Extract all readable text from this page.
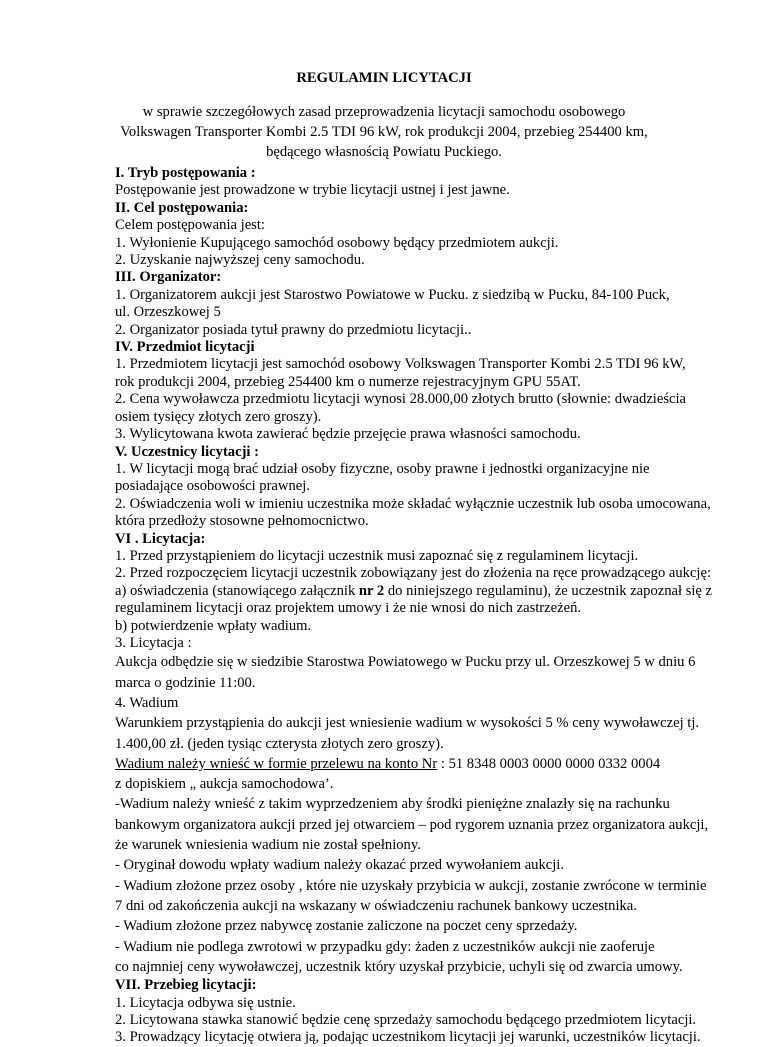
REGULAMIN LICYTACJI
w sprawie szczegółowych zasad przeprowadzenia licytacji samochodu osobowego
Volkswagen Transporter Kombi 2.5 TDI 96 kW, rok produkcji 2004, przebieg 254400 km,
będącego własnością Powiatu Puckiego.
I. Tryb postępowania :
Postępowanie jest prowadzone w trybie licytacji ustnej i jest jawne.
II. Cel postępowania:
Celem postępowania jest:
1. Wyłonienie Kupującego samochód osobowy będący przedmiotem aukcji.
2. Uzyskanie najwyższej ceny samochodu.
III. Organizator:
1. Organizatorem aukcji jest Starostwo Powiatowe w Pucku. z siedzibą w Pucku, 84-100 Puck,
ul. Orzeszkowej 5
2. Organizator posiada tytuł prawny do przedmiotu licytacji..
IV. Przedmiot licytacji
1. Przedmiotem licytacji jest samochód osobowy Volkswagen Transporter Kombi 2.5 TDI 96 kW,
rok produkcji 2004, przebieg 254400 km o numerze rejestracyjnym GPU 55AT.
2. Cena wywoławcza przedmiotu licytacji wynosi 28.000,00 złotych brutto (słownie: dwadzieścia
osiem tysięcy złotych zero groszy).
3. Wylicytowana kwota zawierać będzie przejęcie prawa własności samochodu.
V. Uczestnicy licytacji :
1. W licytacji mogą brać udział osoby fizyczne, osoby prawne i jednostki organizacyjne nie
posiadające osobowości prawnej.
2. Oświadczenia woli w imieniu uczestnika może składać wyłącznie uczestnik lub osoba umocowana,
która przedłoży stosowne pełnomocnictwo.
VI . Licytacja:
1. Przed przystąpieniem do licytacji uczestnik musi zapoznać się z regulaminem licytacji.
2. Przed rozpoczęciem licytacji uczestnik zobowiązany jest do złożenia na ręce prowadzącego aukcję:
a) oświadczenia (stanowiącego załącznik nr 2 do niniejszego regulaminu), że uczestnik zapoznał się z
regulaminem licytacji oraz projektem umowy i że nie wnosi do nich zastrzeżeń.
b) potwierdzenie wpłaty wadium.
3. Licytacja :
Aukcja odbędzie się w siedzibie Starostwa Powiatowego w Pucku przy ul. Orzeszkowej 5 w dniu 6
marca o godzinie 11:00.
4. Wadium
Warunkiem przystąpienia do aukcji jest wniesienie wadium w wysokości 5 % ceny wywoławczej tj.
1.400,00 zł. (jeden tysiąc czterysta złotych zero groszy).
Wadium należy wnieść w formie przelewu na konto Nr : 51 8348 0003 0000 0000 0332 0004
z dopiskiem „ aukcja samochodowa’.
-Wadium należy wnieść z takim wyprzedzeniem aby środki pieniężne znalazły się na rachunku
bankowym organizatora aukcji przed jej otwarciem – pod rygorem uznania przez organizatora aukcji,
że warunek wniesienia wadium nie został spełniony.
- Oryginał dowodu wpłaty wadium należy okazać przed wywołaniem aukcji.
- Wadium złożone przez osoby , które nie uzyskały przybicia w aukcji, zostanie zwrócone w terminie
7 dni od zakończenia aukcji na wskazany w oświadczeniu rachunek bankowy uczestnika.
- Wadium złożone przez nabywcę zostanie zaliczone na poczet ceny sprzedaży.
- Wadium nie podlega zwrotowi w przypadku gdy: żaden z uczestników aukcji nie zaoferuje
co najmniej ceny wywoławczej, uczestnik który uzyskał przybicie, uchyli się od zwarcia umowy.
VII. Przebieg licytacji:
1. Licytacja odbywa się ustnie.
2. Licytowana stawka stanowić będzie cenę sprzedaży samochodu będącego przedmiotem licytacji.
3. Prowadzący licytację otwiera ją, podając uczestnikom licytacji jej warunki, uczestników licytacji.
